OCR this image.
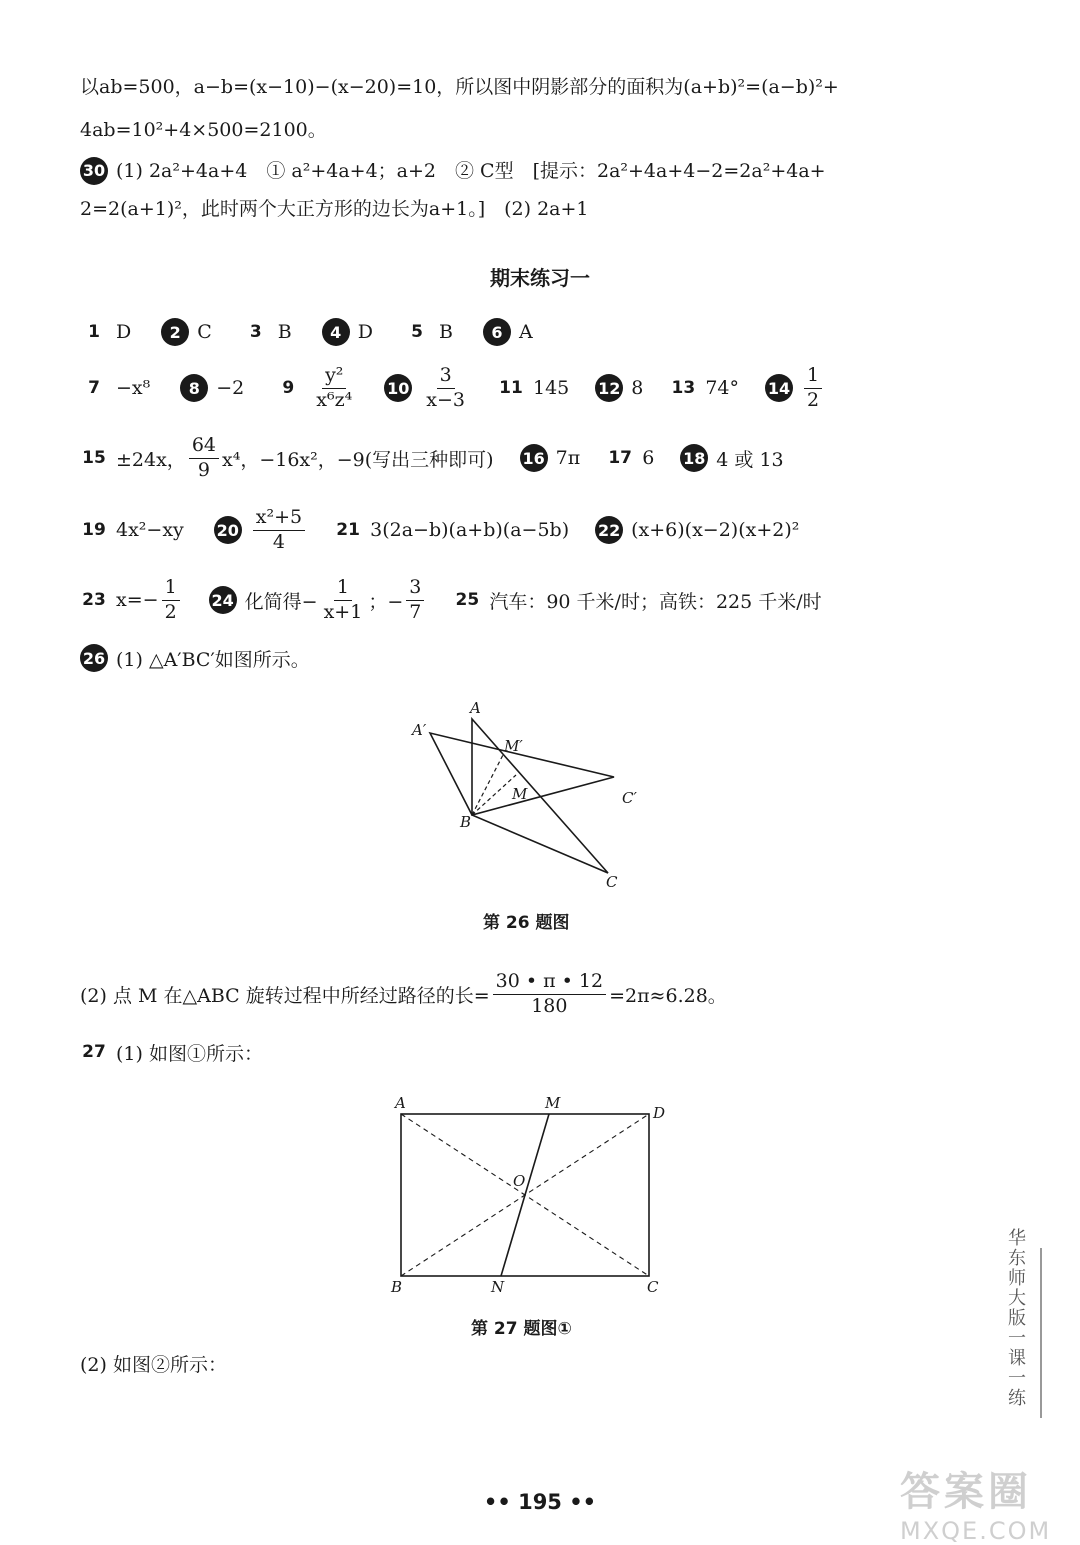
以ab=500，a−b=(x−10)−(x−20)=10，所以图中阴影部分的面积为(a+b)²=(a−b)²+
4ab=10²+4×500=2100。
30 (1) 2a²+4a+4　① a²+4a+4；a+2　② C型　[提示：2a²+4a+4−2=2a²+4a+
2=2(a+1)²，此时两个大正方形的边长为a+1。]　(2) 2a+1
期末练习一
1 D	2 C	3 B	4 D	5 B	6 A
7 −x⁸	8 −2	9	$\frac{\text{y²}}{\text{x⁶z⁴}} 10 \frac{3}{x-3} 11$ 145 12 8 13 74° $14 \frac{1}{2}$
15 ±24x， $\frac{64}{9} x^4$，−16x²，−9(写出三种即可) 16 7π 17 6 18 4 或 13
19 4x²−xy $20 \frac{\text{x²+5}}{4} 21$ 3(2a−b)(a+b)(a−5b) 22 (x+6)(x−2)(x+2)²
23 $x=- \frac{1}{2} 24$ 化简得− $\frac{1}{x+1}$ ；− $\frac{3}{7} 25$ 汽车：90 千米/时；高铁：225 千米/时
26 (1) △A′BC′如图所示。
A
A′
M′
M
B
C′
C
第 26 题图
(2) 点 M 在△ABC 旋转过程中所经过路径的长= $\frac{30 • \pi • 12}{180} =2\pi\approx 6.28$。
27 (1) 如图①所示：
A	M
D
O
B	N	C
第 27 题图①
(2) 如图②所示：	华东师大版一课一练
•• 195 ••	答案圈
MXQE.COM
